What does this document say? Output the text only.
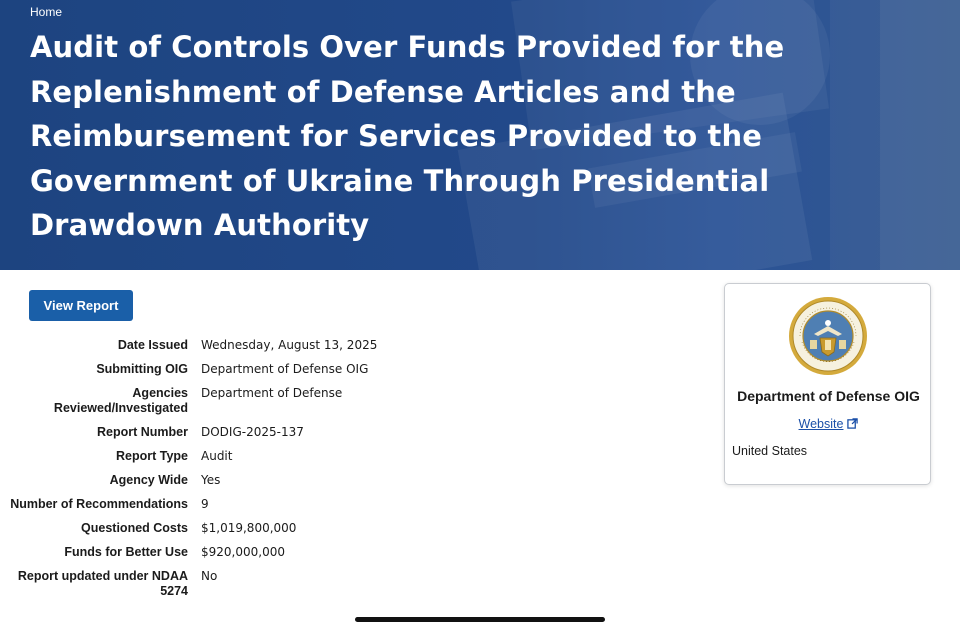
Home
Audit of Controls Over Funds Provided for the Replenishment of Defense Articles and the Reimbursement for Services Provided to the Government of Ukraine Through Presidential Drawdown Authority
View Report
Date Issued Wednesday, August 13, 2025
Submitting OIG Department of Defense OIG
Agencies Reviewed/Investigated
Department of Defense
Report Number DODIG-2025-137
Report Type Audit
Agency Wide Yes
Number of Recommendations 9
Questioned Costs $1,019,800,000
Funds for Better Use $920,000,000
Report updated under NDAA 5274
No
Department of Defense OIG
Website
United States
